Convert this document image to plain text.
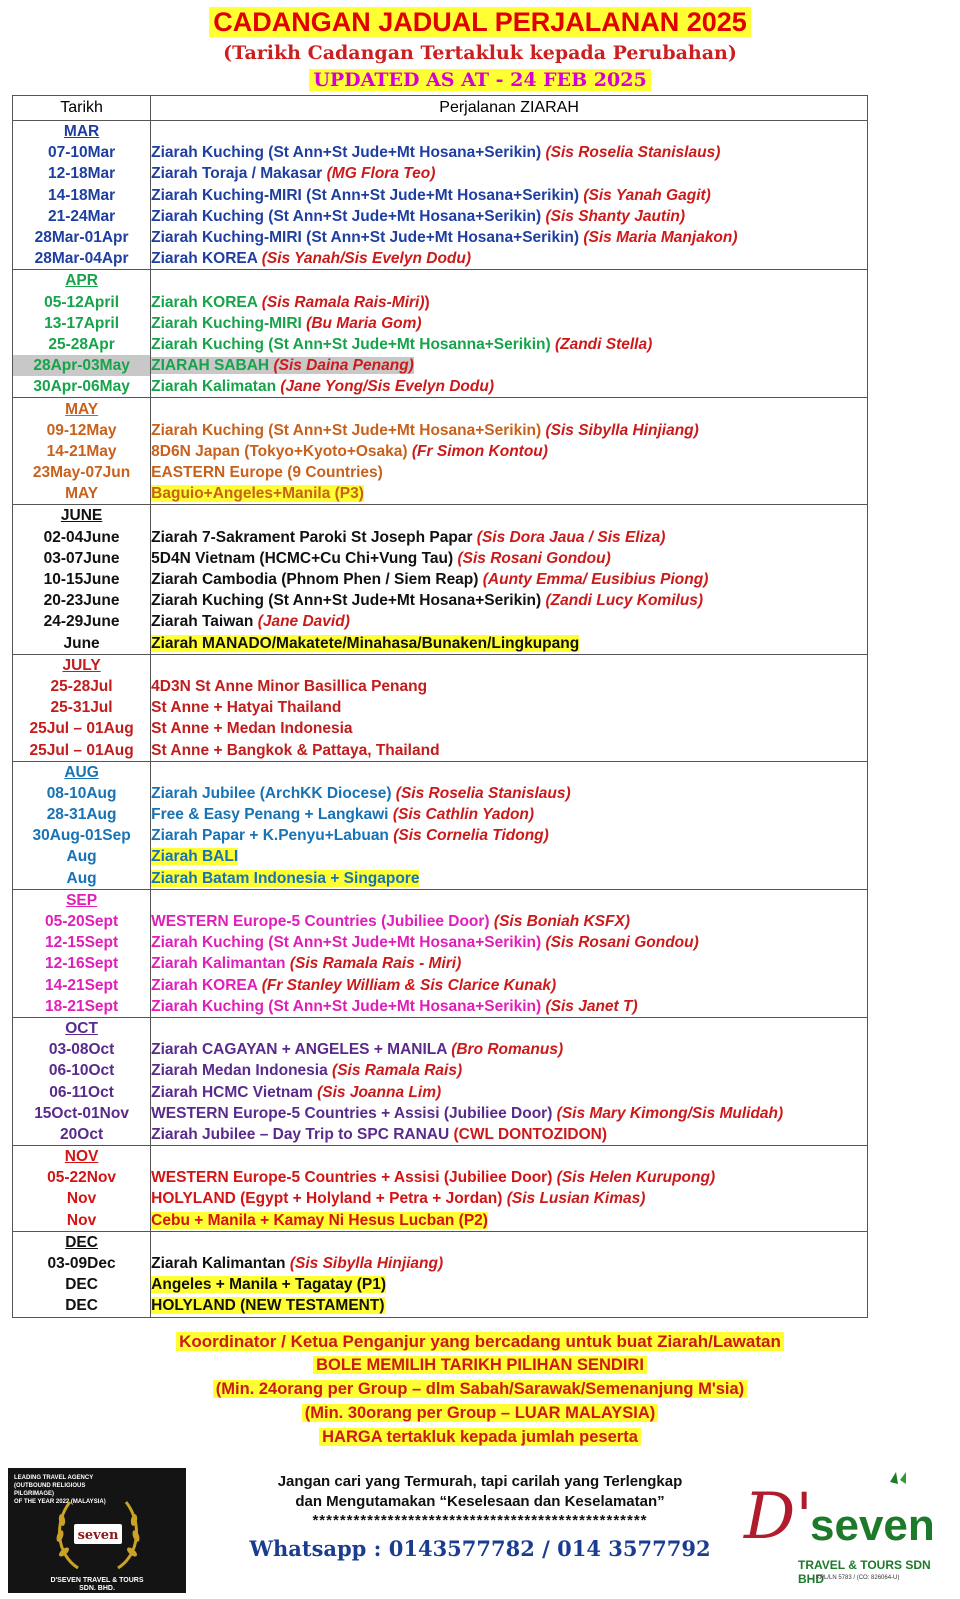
CADANGAN JADUAL PERJALANAN 2025
(Tarikh Cadangan Tertakluk kepada Perubahan)
UPDATED AS AT - 24 FEB 2025
Tarikh	Perjalanan ZIARAH
MAR	
07-10Mar	Ziarah Kuching (St Ann+St Jude+Mt Hosana+Serikin) (Sis Roselia Stanislaus)
12-18Mar	Ziarah Toraja / Makasar (MG Flora Teo)
14-18Mar	Ziarah Kuching-MIRI (St Ann+St Jude+Mt Hosana+Serikin) (Sis Yanah Gagit)
21-24Mar	Ziarah Kuching (St Ann+St Jude+Mt Hosana+Serikin) (Sis Shanty Jautin)
28Mar-01Apr	Ziarah Kuching-MIRI (St Ann+St Jude+Mt Hosana+Serikin) (Sis Maria Manjakon)
28Mar-04Apr	Ziarah KOREA (Sis Yanah/Sis Evelyn Dodu)
APR	
05-12April	Ziarah KOREA (Sis Ramala Rais-Miri))
13-17April	Ziarah Kuching-MIRI (Bu Maria Gom)
25-28Apr	Ziarah Kuching (St Ann+St Jude+Mt Hosanna+Serikin) (Zandi Stella)
28Apr-03May	ZIARAH SABAH (Sis Daina Penang)
30Apr-06May	Ziarah Kalimatan (Jane Yong/Sis Evelyn Dodu)
MAY	
09-12May	Ziarah Kuching (St Ann+St Jude+Mt Hosana+Serikin) (Sis Sibylla Hinjiang)
14-21May	8D6N Japan (Tokyo+Kyoto+Osaka) (Fr Simon Kontou)
23May-07Jun	EASTERN Europe (9 Countries)
MAY	Baguio+Angeles+Manila (P3)
JUNE	
02-04June	Ziarah 7-Sakrament Paroki St Joseph Papar (Sis Dora Jaua / Sis Eliza)
03-07June	5D4N Vietnam (HCMC+Cu Chi+Vung Tau) (Sis Rosani Gondou)
10-15June	Ziarah Cambodia (Phnom Phen / Siem Reap) (Aunty Emma/ Eusibius Piong)
20-23June	Ziarah Kuching (St Ann+St Jude+Mt Hosana+Serikin) (Zandi Lucy Komilus)
24-29June	Ziarah Taiwan (Jane David)
June	Ziarah MANADO/Makatete/Minahasa/Bunaken/Lingkupang
JULY	
25-28Jul	4D3N St Anne Minor Basillica Penang
25-31Jul	St Anne + Hatyai Thailand
25Jul – 01Aug	St Anne + Medan Indonesia
25Jul – 01Aug	St Anne + Bangkok & Pattaya, Thailand
AUG	
08-10Aug	Ziarah Jubilee (ArchKK Diocese) (Sis Roselia Stanislaus)
28-31Aug	Free & Easy Penang + Langkawi (Sis Cathlin Yadon)
30Aug-01Sep	Ziarah Papar + K.Penyu+Labuan (Sis Cornelia Tidong)
Aug	Ziarah BALI
Aug	Ziarah Batam Indonesia + Singapore
SEP	
05-20Sept	WESTERN Europe-5 Countries (Jubiliee Door) (Sis Boniah KSFX)
12-15Sept	Ziarah Kuching (St Ann+St Jude+Mt Hosana+Serikin) (Sis Rosani Gondou)
12-16Sept	Ziarah Kalimantan (Sis Ramala Rais - Miri)
14-21Sept	Ziarah KOREA (Fr Stanley William & Sis Clarice Kunak)
18-21Sept	Ziarah Kuching (St Ann+St Jude+Mt Hosana+Serikin) (Sis Janet T)
OCT	
03-08Oct	Ziarah CAGAYAN + ANGELES + MANILA (Bro Romanus)
06-10Oct	Ziarah Medan Indonesia (Sis Ramala Rais)
06-11Oct	Ziarah HCMC Vietnam (Sis Joanna Lim)
15Oct-01Nov	WESTERN Europe-5 Countries + Assisi (Jubiliee Door) (Sis Mary Kimong/Sis Mulidah)
20Oct	Ziarah Jubilee – Day Trip to SPC RANAU (CWL DONTOZIDON)
NOV	
05-22Nov	WESTERN Europe-5 Countries + Assisi (Jubiliee Door) (Sis Helen Kurupong)
Nov	HOLYLAND (Egypt + Holyland + Petra + Jordan) (Sis Lusian Kimas)
Nov	Cebu + Manila + Kamay Ni Hesus Lucban (P2)
DEC	
03-09Dec	Ziarah Kalimantan (Sis Sibylla Hinjiang)
DEC	Angeles + Manila + Tagatay (P1)
DEC	HOLYLAND (NEW TESTAMENT)
Koordinator / Ketua Penganjur yang bercadang untuk buat Ziarah/Lawatan
BOLE MEMILIH TARIKH PILIHAN SENDIRI
(Min. 24orang per Group – dlm Sabah/Sarawak/Semenanjung M'sia)
(Min. 30orang per Group – LUAR MALAYSIA)
HARGA tertakluk kepada jumlah peserta
LEADING TRAVEL AGENCY
(OUTBOUND RELIGIOUS PILGRIMAGE)
OF THE YEAR 2022 (MALAYSIA)
seven
D'SEVEN TRAVEL & TOURS
SDN. BHD.
Jangan cari yang Termurah, tapi carilah yang Terlengkap
dan Mengutamakan “Keselesaan dan Keselamatan”
*************************************************
Whatsapp : 0143577782 / 014 3577792 D'
seven
TRAVEL & TOURS SDN BHD
KPL/LN 5783 / (CO: 826064-U)
